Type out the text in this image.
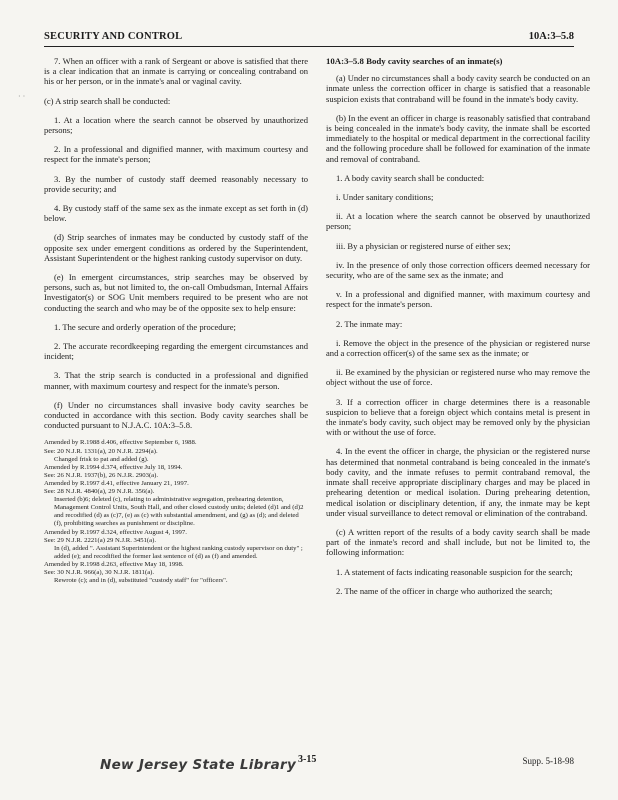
SECURITY AND CONTROL	10A:3–5.8
· ·

7. When an officer with a rank of Sergeant or above is satisfied that there is a clear indication that an inmate is carrying or concealing contraband on his or her person, or in the inmate's anal or vaginal cavity.

(c) A strip search shall be conducted:

1. At a location where the search cannot be observed by unauthorized persons;

2. In a professional and dignified manner, with maximum courtesy and respect for the inmate's person;

3. By the number of custody staff deemed reasonably necessary to provide security; and

4. By custody staff of the same sex as the inmate except as set forth in (d) below.

(d) Strip searches of inmates may be conducted by custody staff of the opposite sex under emergent conditions as ordered by the Superintendent, Assistant Superintendent or the highest ranking custody supervisor on duty.

(e) In emergent circumstances, strip searches may be observed by persons, such as, but not limited to, the on-call Ombudsman, Internal Affairs Investigator(s) or SOG Unit members required to be present who are not conducting the search and who may be of the opposite sex to help ensure:

1. The secure and orderly operation of the procedure;

2. The accurate recordkeeping regarding the emergent circumstances and incident;

3. That the strip search is conducted in a professional and dignified manner, with maximum courtesy and respect for the inmate's person.

(f) Under no circumstances shall invasive body cavity searches be conducted in accordance with this section. Body cavity searches shall be conducted pursuant to N.J.A.C. 10A:3–5.8.

Amended by R.1988 d.406, effective September 6, 1988.
See: 20 N.J.R. 1331(a), 20 N.J.R. 2294(a).
Changed frisk to pat and added (g).
Amended by R.1994 d.374, effective July 18, 1994.
See: 26 N.J.R. 1937(b), 26 N.J.R. 2903(a).
Amended by R.1997 d.41, effective January 21, 1997.
See: 28 N.J.R. 4840(a), 29 N.J.R. 356(a).
Inserted (b)6; deleted (c), relating to administrative segregation, prehearing detention, Management Control Units, South Hall, and other closed custody units; deleted (d)1 and (d)2 and recodified (d) as (c)7, (e) as (c) with substantial amendment, and (g) as (d); and deleted (f), prohibiting searches as punishment or discipline.
Amended by R.1997 d.324, effective August 4, 1997.
See: 29 N.J.R. 2221(a) 29 N.J.R. 3451(a).
In (d), added ". Assistant Superintendent or the highest ranking custody supervisor on duty" ; added (e); and recodified the former last sentence of (d) as (f) and amended.
Amended by R.1998 d.263, effective May 18, 1998.
See: 30 N.J.R. 966(a), 30 N.J.R. 1811(a).
Rewrote (c); and in (d), substituted "custody staff" for "officers".
10A:3–5.8 Body cavity searches of an inmate(s)

(a) Under no circumstances shall a body cavity search be conducted on an inmate unless the correction officer in charge is satisfied that a reasonable suspicion exists that contraband will be found in the inmate's body cavity.

(b) In the event an officer in charge is reasonably satisfied that contraband is being concealed in the inmate's body cavity, the inmate shall be escorted immediately to the hospital or medical department in the correctional facility and the following procedure shall be followed for examination of the inmate and removal of contraband.

1. A body cavity search shall be conducted:

i. Under sanitary conditions;

ii. At a location where the search cannot be observed by unauthorized person;

iii. By a physician or registered nurse of either sex;

iv. In the presence of only those correction officers deemed necessary for security, who are of the same sex as the inmate; and

v. In a professional and dignified manner, with maximum courtesy and respect for the inmate's person.

2. The inmate may:

i. Remove the object in the presence of the physician or registered nurse and a correction officer(s) of the same sex as the inmate; or

ii. Be examined by the physician or registered nurse who may remove the object without the use of force.

3. If a correction officer in charge determines there is a reasonable suspicion to believe that a foreign object which contains metal is present in the inmate's body cavity, such object may be removed only by the physician with or without the use of force.

4. In the event the officer in charge, the physician or the registered nurse has determined that nonmetal contraband is being concealed in the inmate's body cavity, and the inmate refuses to permit contraband removal, the inmate shall receive appropriate disciplinary charges and may be placed in prehearing detention or medical isolation. During prehearing detention, medical isolation or disciplinary detention, if any, the inmate may be kept under visual surveillance to detect removal or elimination of the contraband.

(c) A written report of the results of a body cavity search shall be made part of the inmate's record and shall include, but not be limited to, the following information:

1. A statement of facts indicating reasonable suspicion for the search;

2. The name of the officer in charge who authorized the search;

New Jersey State Library 3-15	Supp. 5-18-98
